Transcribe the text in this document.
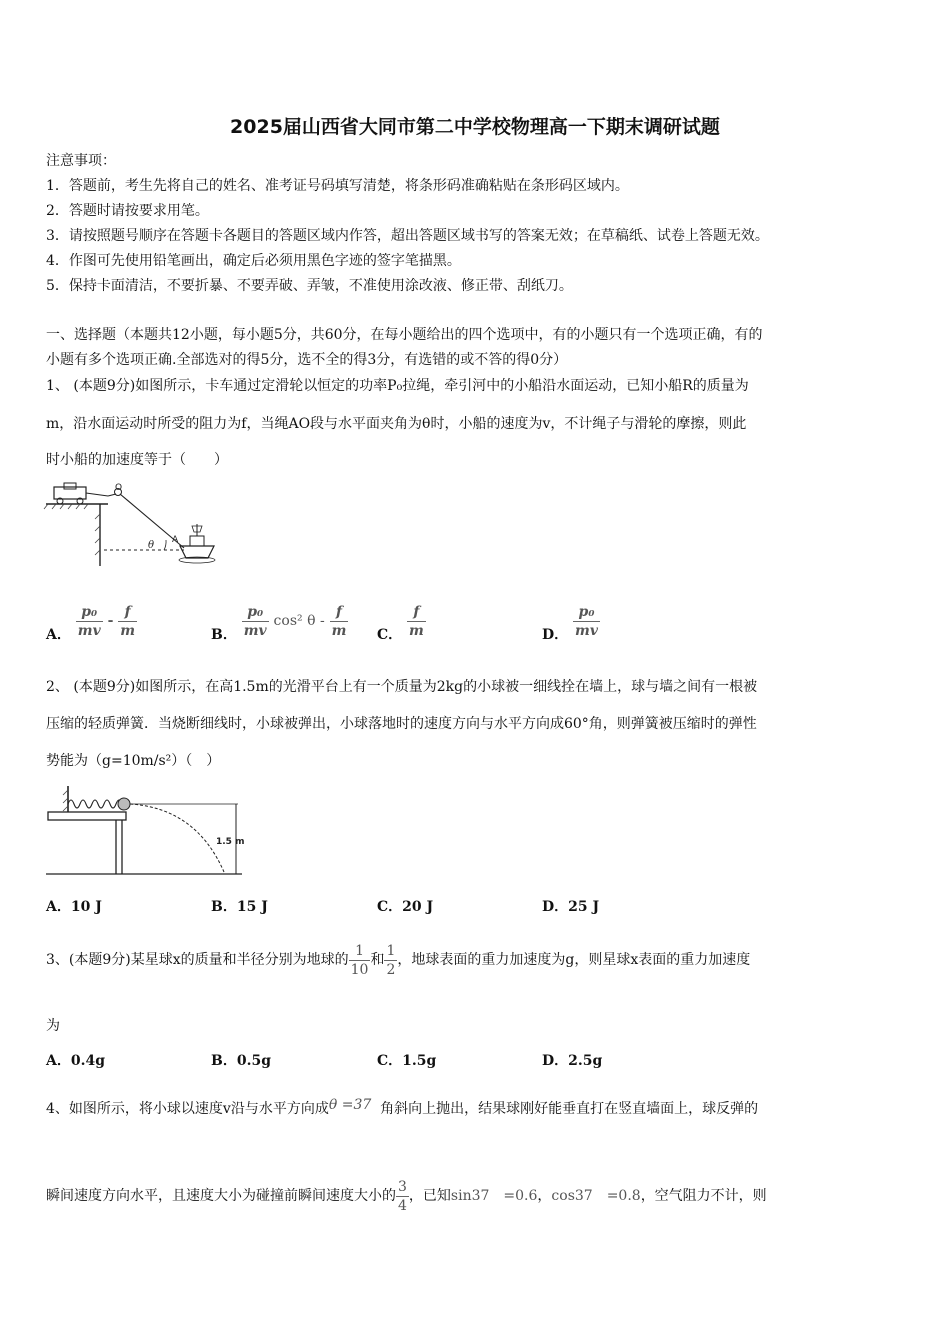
2025届山西省大同市第二中学校物理高一下期末调研试题
注意事项：
1．答题前，考生先将自己的姓名、准考证号码填写清楚，将条形码准确粘贴在条形码区域内。
2．答题时请按要求用笔。
3．请按照题号顺序在答题卡各题目的答题区域内作答，超出答题区域书写的答案无效；在草稿纸、试卷上答题无效。
4．作图可先使用铅笔画出，确定后必须用黑色字迹的签字笔描黑。
5．保持卡面清洁，不要折暴、不要弄破、弄皱，不准使用涂改液、修正带、刮纸刀。
一、选择题（本题共12小题，每小题5分，共60分，在每小题给出的四个选项中，有的小题只有一个选项正确，有的
小题有多个选项正确.全部选对的得5分，选不全的得3分，有选错的或不答的得0分）
1、 (本题9分)如图所示，卡车通过定滑轮以恒定的功率P₀拉绳，牵引河中的小船沿水面运动，已知小船R的质量为
m，沿水面运动时所受的阻力为f，当绳AO段与水平面夹角为θ时，小船的速度为v，不计绳子与滑轮的摩擦，则此
时小船的加速度等于（　　）
O
θ A
A． $\frac{\text{p₀}}{mv} - \frac{f}{m}$	B． $\frac{\text{p₀}}{mv} \cos^2$ θ - $\frac{f}{m}$ C． $\frac{f}{m}$	D． $\frac{\text{p₀}}{mv}$
2、 (本题9分)如图所示，在高1.5m的光滑平台上有一个质量为2kg的小球被一细线拴在墙上，球与墙之间有一根被
压缩的轻质弹簧．当烧断细线时，小球被弹出，小球落地时的速度方向与水平方向成60°角，则弹簧被压缩时的弹性
势能为（g=10m/s²）（　）
1.5 m
A．10 J	B．15 J	C．20 J	D．25 J
3、(本题9分)某星球x的质量和半径分别为地球的 $\frac{1}{10}$ 和 $\frac{1}{2}$ ，地球表面的重力加速度为g，则星球x表面的重力加速度
为
A．0.4g	B．0.5g	C．1.5g	D．2.5g
4、如图所示，将小球以速度v沿与水平方向成θ =37 角斜向上抛出，结果球刚好能垂直打在竖直墙面上，球反弹的
瞬间速度方向水平，且速度大小为碰撞前瞬间速度大小的 $\frac{3}{4}$ ，已知sin37　=0.6，cos37　=0.8，空气阻力不计，则
